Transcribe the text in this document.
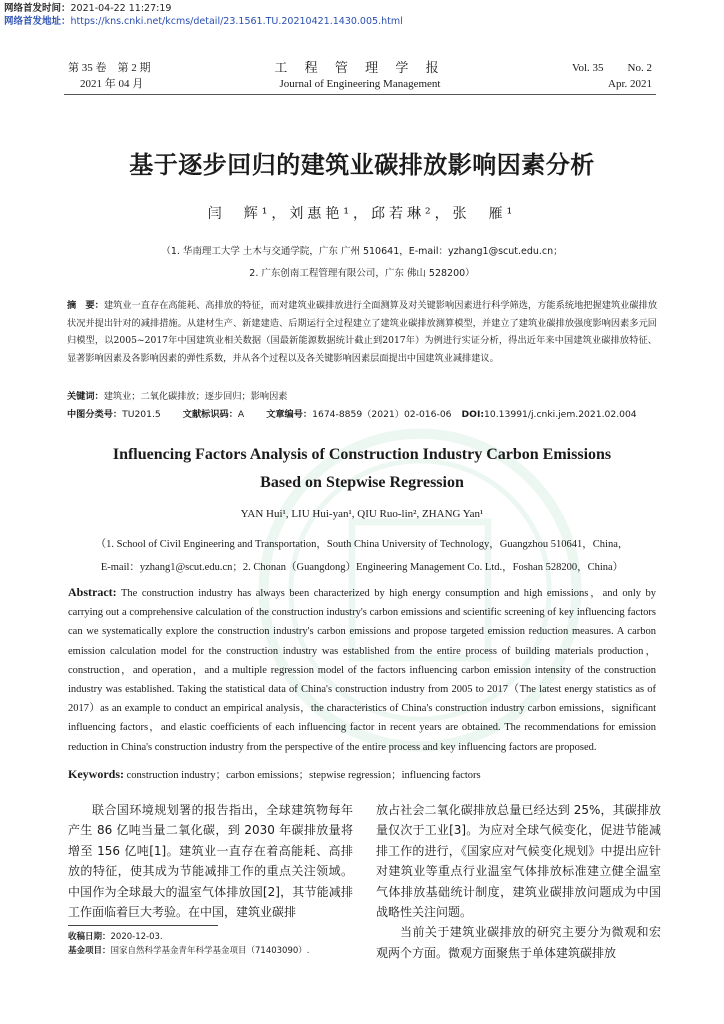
网络首发时间：2021-04-22 11:27:19
网络首发地址：https://kns.cnki.net/kcms/detail/23.1561.TU.20210421.1430.005.html
第 35 卷　第 2 期
2021 年 04 月
工 程 管 理 学 报
Journal of Engineering Management
Vol. 35 No. 2
Apr. 2021
基于逐步回归的建筑业碳排放影响因素分析
闫　辉¹，刘惠艳¹，邱若琳²，张　雁¹
（1. 华南理工大学 土木与交通学院，广东 广州 510641，E-mail：yzhang1@scut.edu.cn；
2. 广东创南工程管理有限公司，广东 佛山 528200）
摘　要：建筑业一直存在高能耗、高排放的特征，而对建筑业碳排放进行全面测算及对关键影响因素进行科学筛选，方能系统地把握建筑业碳排放状况并提出针对的减排措施。从建材生产、新建建造、后期运行全过程建立了建筑业碳排放测算模型，并建立了建筑业碳排放强度影响因素多元回归模型，以2005~2017年中国建筑业相关数据（国最新能源数据统计截止到2017年）为例进行实证分析，得出近年来中国建筑业碳排放特征、显著影响因素及各影响因素的弹性系数，并从各个过程以及各关键影响因素层面提出中国建筑业减排建议。
关键词：建筑业；二氧化碳排放；逐步回归；影响因素
中图分类号：TU201.5 文献标识码：A 文章编号：1674-8859（2021）02-016-06 DOI:10.13991/j.cnki.jem.2021.02.004
Influencing Factors Analysis of Construction Industry Carbon Emissions
Based on Stepwise Regression
YAN Hui¹, LIU Hui-yan¹, QIU Ruo-lin², ZHANG Yan¹
（1. School of Civil Engineering and Transportation，South China University of Technology，Guangzhou 510641，China，
E-mail：yzhang1@scut.edu.cn；2. Chonan（Guangdong）Engineering Management Co. Ltd.，Foshan 528200，China）
Abstract: The construction industry has always been characterized by high energy consumption and high emissions，and only by carrying out a comprehensive calculation of the construction industry's carbon emissions and scientific screening of key influencing factors can we systematically explore the construction industry's carbon emissions and propose targeted emission reduction measures. A carbon emission calculation model for the construction industry was established from the entire process of building materials production，construction，and operation，and a multiple regression model of the factors influencing carbon emission intensity of the construction industry was established. Taking the statistical data of China's construction industry from 2005 to 2017（The latest energy statistics as of 2017）as an example to conduct an empirical analysis，the characteristics of China's construction industry carbon emissions，significant influencing factors，and elastic coefficients of each influencing factor in recent years are obtained. The recommendations for emission reduction in China's construction industry from the perspective of the entire process and key influencing factors are proposed.
Keywords: construction industry；carbon emissions；stepwise regression；influencing factors

联合国环境规划署的报告指出，全球建筑物每年产生 86 亿吨当量二氧化碳，到 2030 年碳排放量将增至 156 亿吨[1]。建筑业一直存在着高能耗、高排放的特征，使其成为节能减排工作的重点关注领域。中国作为全球最大的温室气体排放国[2]，其节能减排工作面临着巨大考验。在中国，建筑业碳排

放占社会二氧化碳排放总量已经达到 25%，其碳排放量仅次于工业[3]。为应对全球气候变化，促进节能减排工作的进行，《国家应对气候变化规划》中提出应针对建筑业等重点行业温室气体排放标准建立健全温室气体排放基础统计制度，建筑业碳排放问题成为中国战略性关注问题。

当前关于建筑业碳排放的研究主要分为微观和宏观两个方面。微观方面聚焦于单体建筑碳排放

收稿日期：2020-12-03.
基金项目：国家自然科学基金青年科学基金项目（71403090）.
